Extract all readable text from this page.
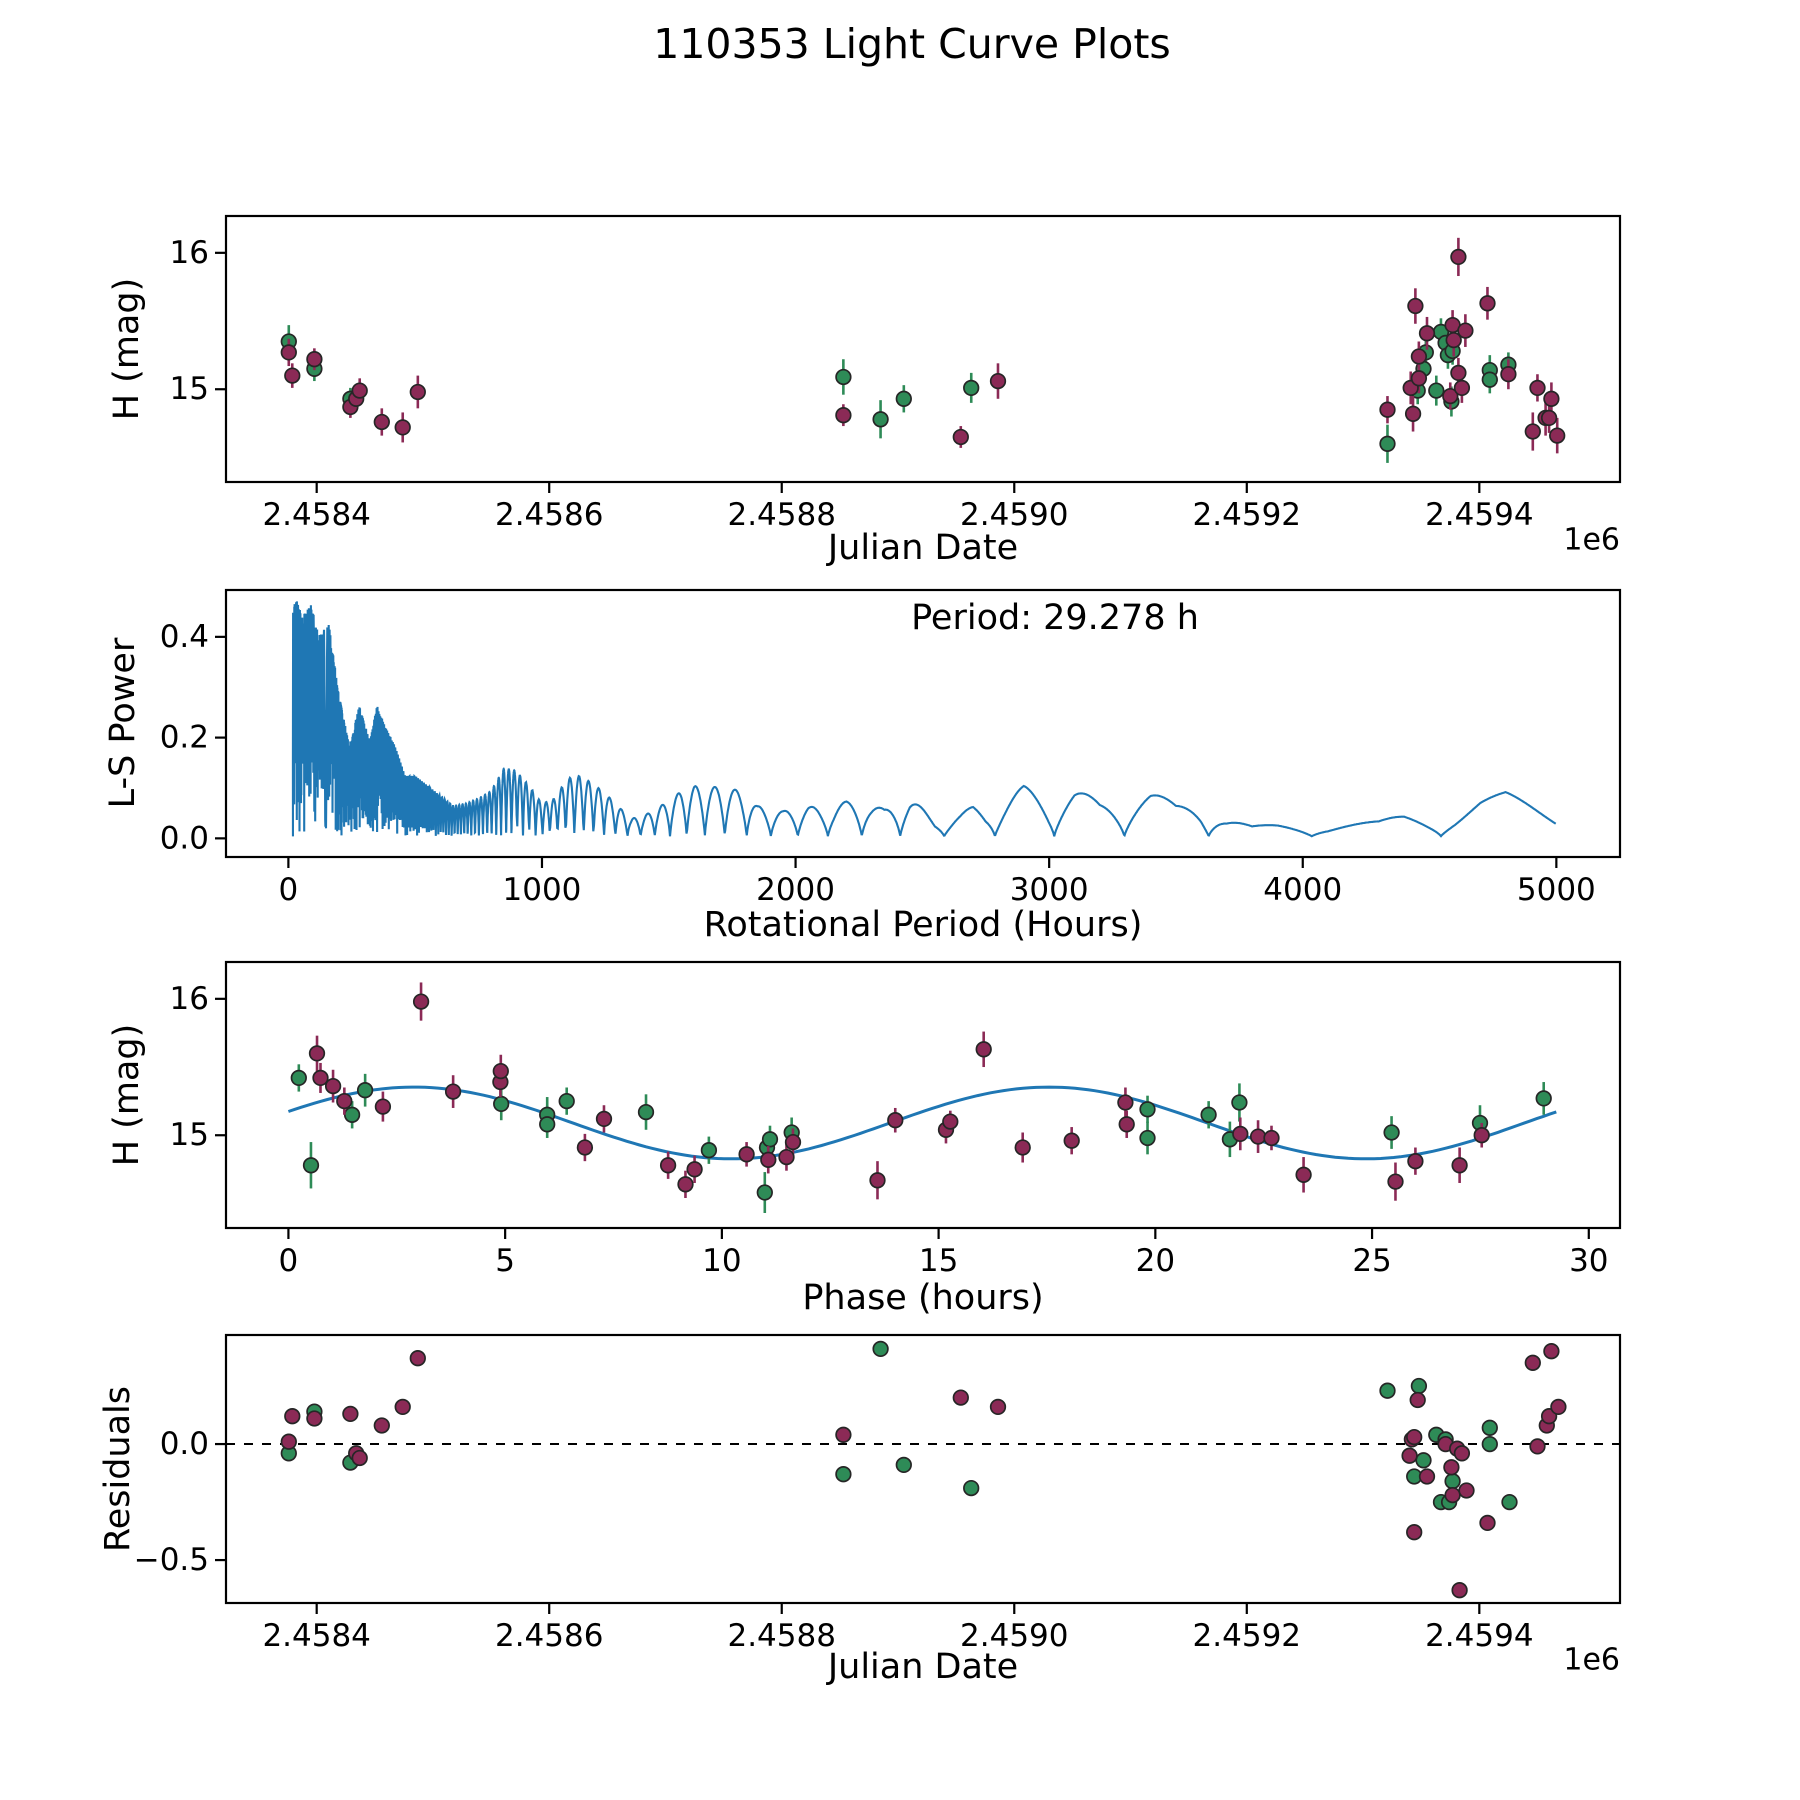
110353 Light Curve Plots
Julian Date
H (mag)
1e6
Rotational Period (Hours)
L-S Power
Period: 29.278 h
Phase (hours)
H (mag)
Julian Date
Residuals
1e6
2.4584	2.4586	2.4588	2.4590	2.4592	2.4594
16
15
0	1000	2000	3000	4000	5000
0.0
0.2
0.4
0	5	10	15	20	25	30
16
15
2.4584	2.4586	2.4588	2.4590	2.4592	2.4594
0.0
−0.5
